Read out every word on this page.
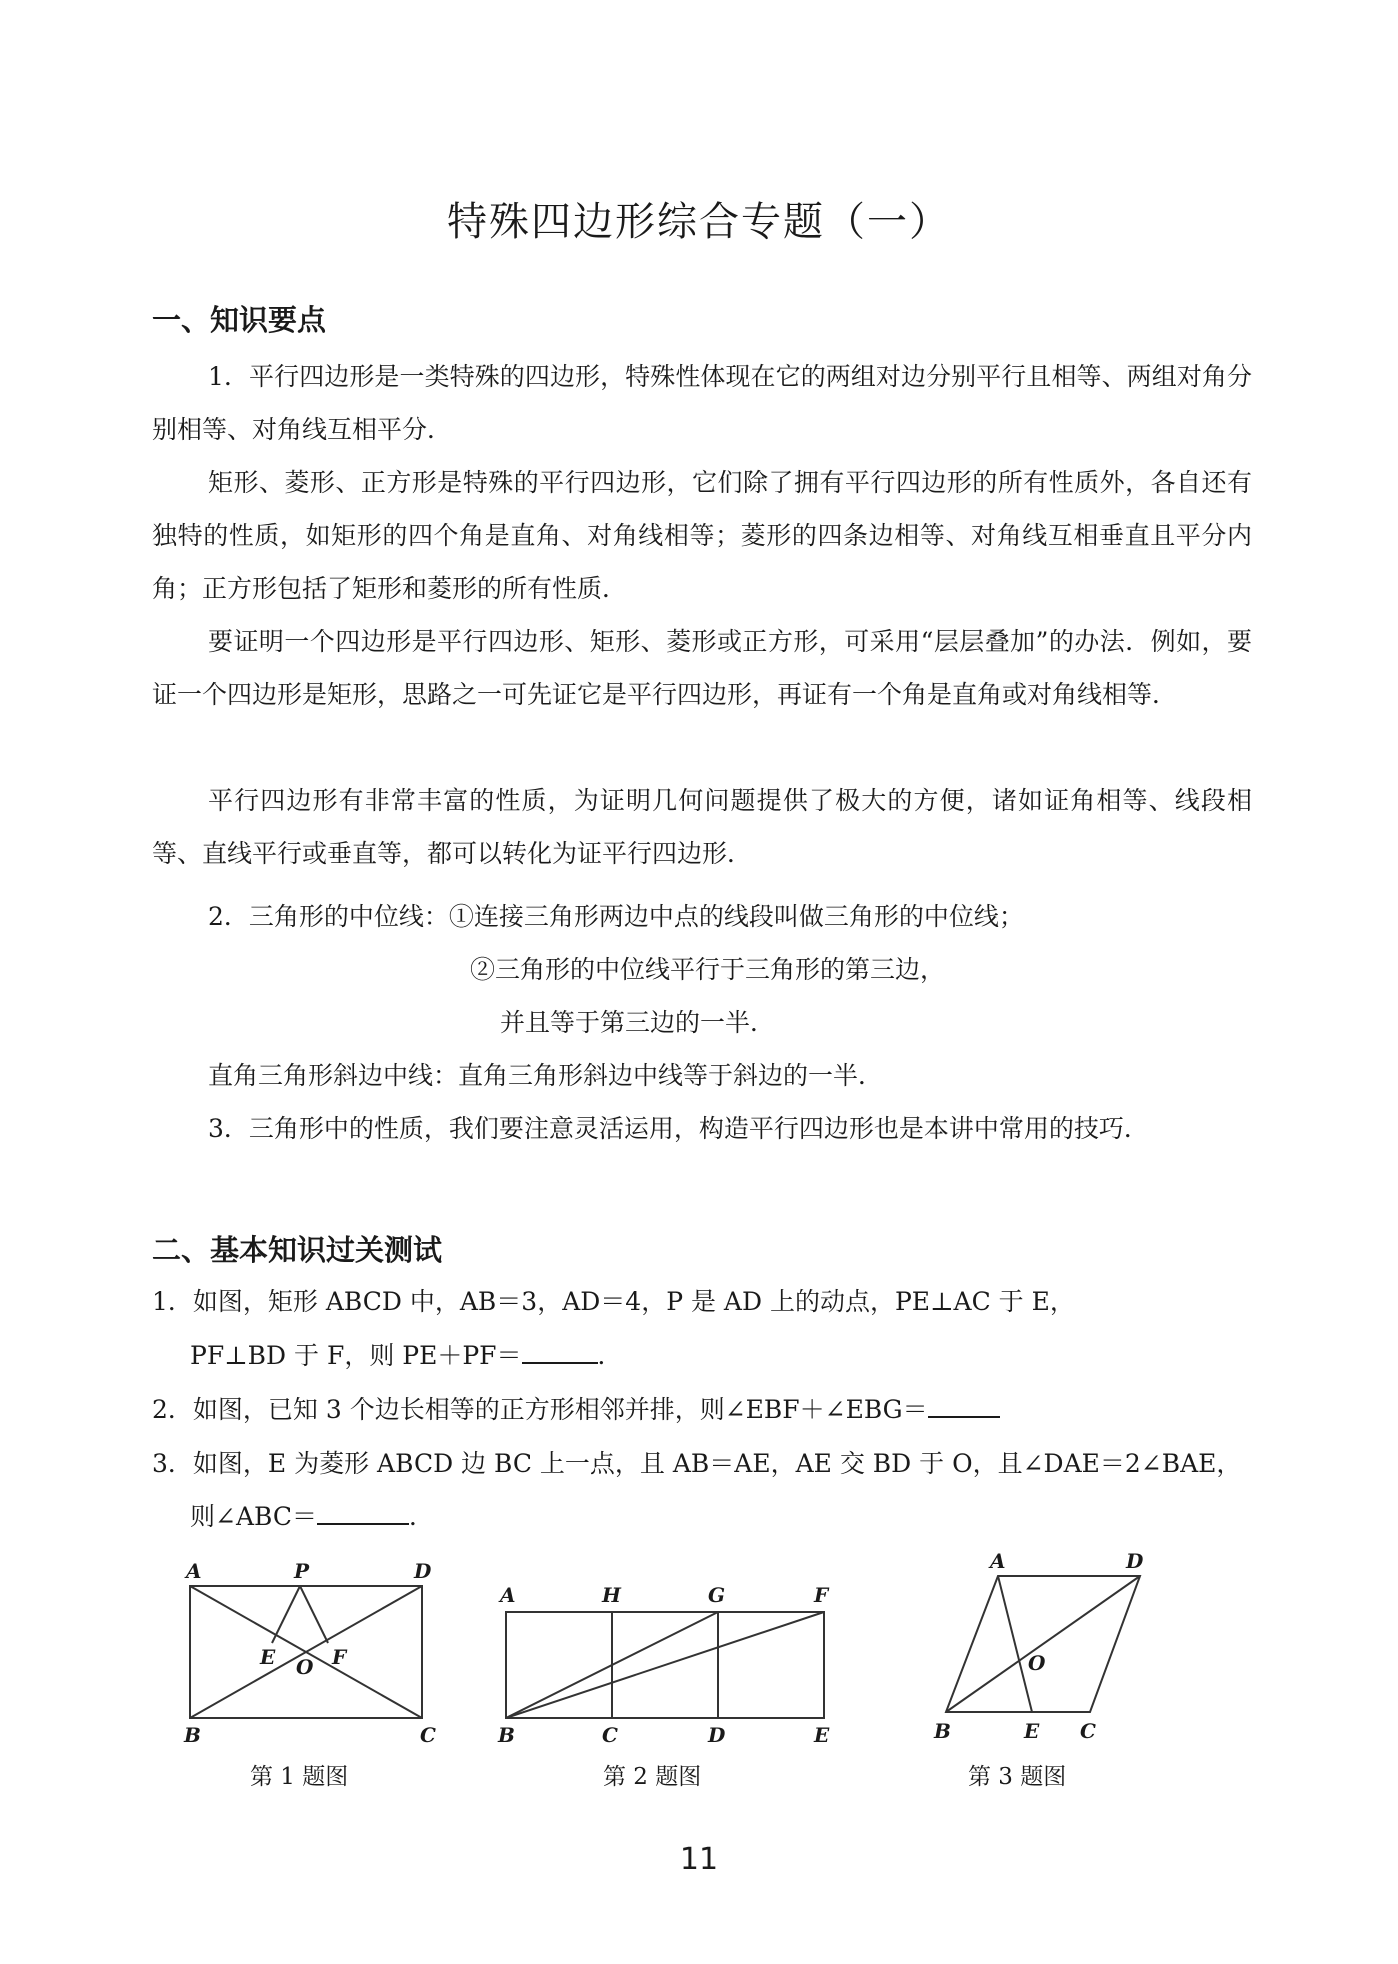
特殊四边形综合专题（一）
一、知识要点
1．平行四边形是一类特殊的四边形，特殊性体现在它的两组对边分别平行且相等、两组对角分别相等、对角线互相平分．
矩形、菱形、正方形是特殊的平行四边形，它们除了拥有平行四边形的所有性质外，各自还有独特的性质，如矩形的四个角是直角、对角线相等；菱形的四条边相等、对角线互相垂直且平分内角；正方形包括了矩形和菱形的所有性质．
要证明一个四边形是平行四边形、矩形、菱形或正方形，可采用“层层叠加”的办法．例如，要证一个四边形是矩形，思路之一可先证它是平行四边形，再证有一个角是直角或对角线相等．
平行四边形有非常丰富的性质，为证明几何问题提供了极大的方便，诸如证角相等、线段相等、直线平行或垂直等，都可以转化为证平行四边形．
2．三角形的中位线：①连接三角形两边中点的线段叫做三角形的中位线；
②三角形的中位线平行于三角形的第三边，
并且等于第三边的一半．
直角三角形斜边中线：直角三角形斜边中线等于斜边的一半．
3．三角形中的性质，我们要注意灵活运用，构造平行四边形也是本讲中常用的技巧．
二、基本知识过关测试
1．如图，矩形 ABCD 中，AB＝3，AD＝4，P 是 AD 上的动点，PE⊥AC 于 E，
PF⊥BD 于 F，则 PE＋PF＝	．
2．如图，已知 3 个边长相等的正方形相邻并排，则∠EBF＋∠EBG＝
3．如图，E 为菱形 ABCD 边 BC 上一点，且 AB＝AE，AE 交 BD 于 O，且∠DAE＝2∠BAE，
则∠ABC＝	．
A	P	D
E O F
B	C
第 1 题图
A	H	G	F
B	C	D	E
第 2 题图
A	D
O
B	E C
第 3 题图
11
